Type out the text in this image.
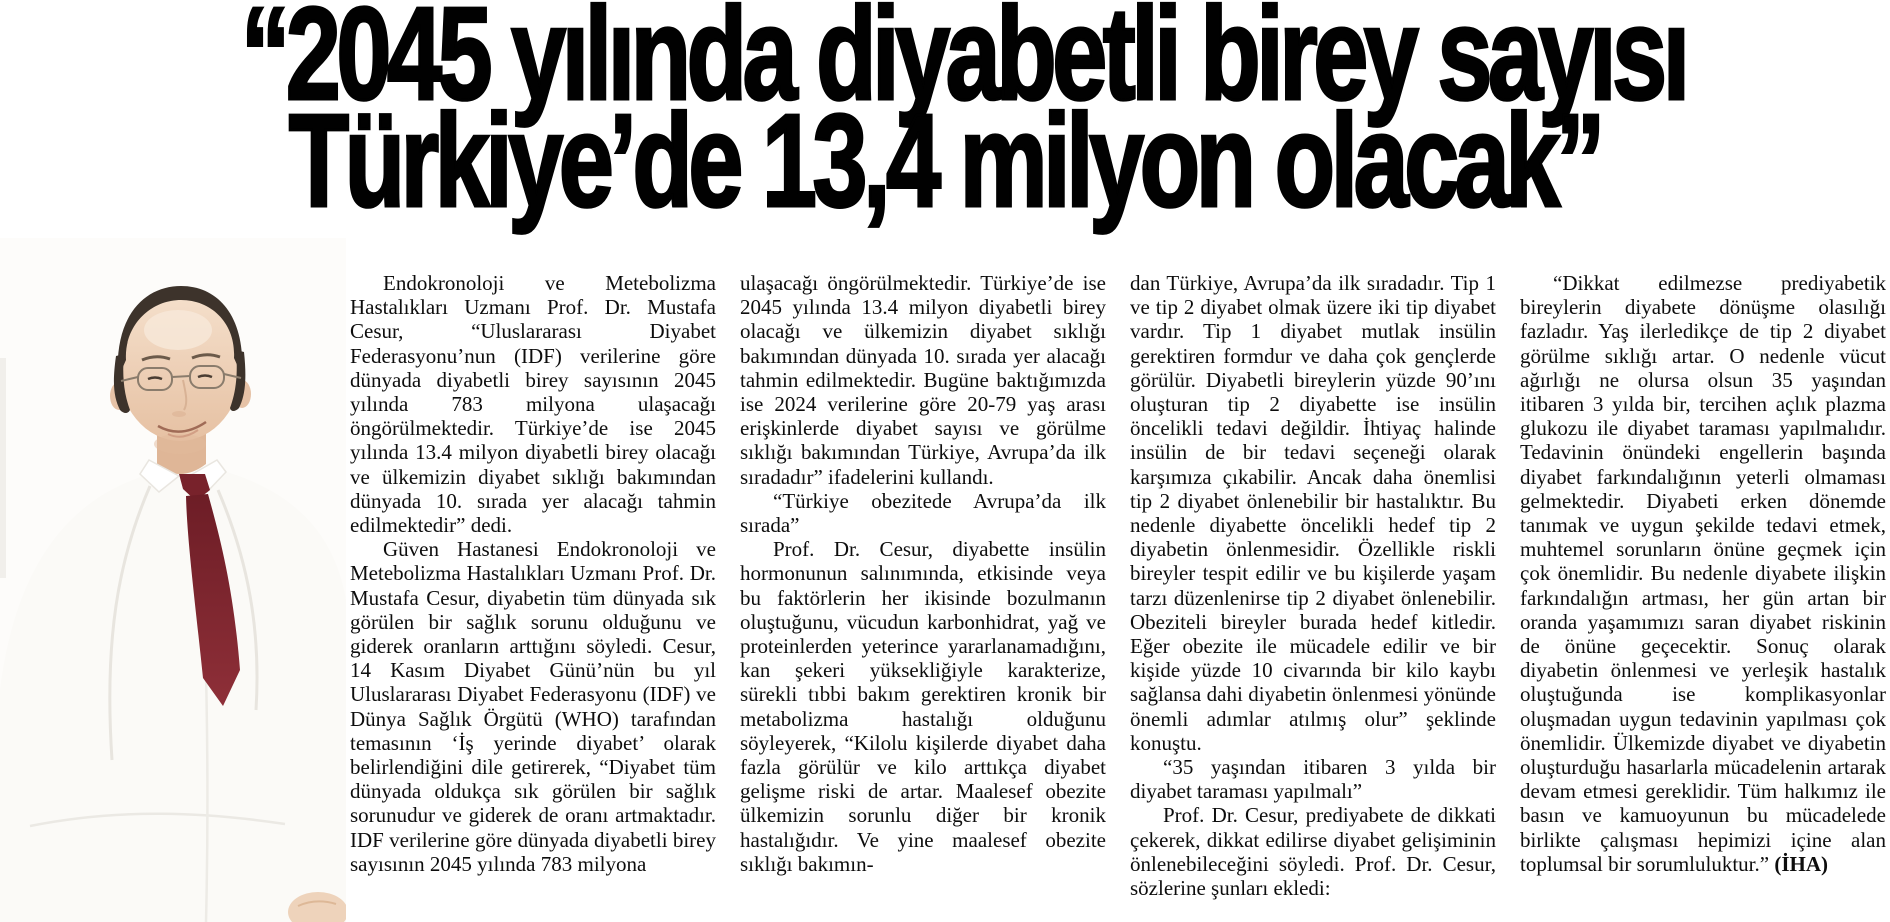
“2045 yılında diyabetli birey sayısı
Türkiye’de 13,4 milyon olacak”

Endokronoloji ve Metebolizma Hastalıkları Uzmanı Prof. Dr. Mustafa Cesur, “Uluslararası Diyabet Federasyonu’nun (IDF) verilerine göre dünyada diyabetli birey sayısının 2045 yılında 783 milyona ulaşacağı öngörülmektedir. Türkiye’de ise 2045 yılında 13.4 milyon diyabetli birey olacağı ve ülkemizin diyabet sıklığı bakımından dünyada 10. sırada yer alacağı tahmin edilmektedir” dedi.

Güven Hastanesi Endokronoloji ve Metebolizma Hastalıkları Uzmanı Prof. Dr. Mustafa Cesur, diyabetin tüm dünyada sık görülen bir sağlık sorunu olduğunu ve giderek oranların arttığını söyledi. Cesur, 14 Kasım Diyabet Günü’nün bu yıl Uluslararası Diyabet Federasyonu (IDF) ve Dünya Sağlık Örgütü (WHO) tarafından temasının ‘İş yerinde diyabet’ olarak belirlendiğini dile getirerek, “Diyabet tüm dünyada oldukça sık görülen bir sağlık sorunudur ve giderek de oranı artmaktadır. IDF verilerine göre dünyada diyabetli birey sayısının 2045 yılında 783 milyona

ulaşacağı öngörülmektedir. Türkiye’de ise 2045 yılında 13.4 milyon diyabetli birey olacağı ve ülkemizin diyabet sıklığı bakımından dünyada 10. sırada yer alacağı tahmin edilmektedir. Bugüne baktığımızda ise 2024 verilerine göre 20-79 yaş arası erişkinlerde diyabet sayısı ve görülme sıklığı bakımından Türkiye, Avrupa’da ilk sıradadır” ifadelerini kullandı.

“Türkiye obezitede Avrupa’da ilk sırada”

Prof. Dr. Cesur, diyabette insülin hormonunun salınımında, etkisinde veya bu faktörlerin her ikisinde bozulmanın oluştuğunu, vücudun karbonhidrat, yağ ve proteinlerden yeterince yararlanamadığını, kan şekeri yüksekliğiyle karakterize, sürekli tıbbi bakım gerektiren kronik bir metabolizma hastalığı olduğunu söyleyerek, “Kilolu kişilerde diyabet daha fazla görülür ve kilo arttıkça diyabet gelişme riski de artar. Maalesef obezite ülkemizin sorunlu diğer bir kronik hastalığıdır. Ve yine maalesef obezite sıklığı bakımın-

dan Türkiye, Avrupa’da ilk sıradadır. Tip 1 ve tip 2 diyabet olmak üzere iki tip diyabet vardır. Tip 1 diyabet mutlak insülin gerektiren formdur ve daha çok gençlerde görülür. Diyabetli bireylerin yüzde 90’ını oluşturan tip 2 diyabette ise insülin öncelikli tedavi değildir. İhtiyaç halinde insülin de bir tedavi seçeneği olarak karşımıza çıkabilir. Ancak daha önemlisi tip 2 diyabet önlenebilir bir hastalıktır. Bu nedenle diyabette öncelikli hedef tip 2 diyabetin önlenmesidir. Özellikle riskli bireyler tespit edilir ve bu kişilerde yaşam tarzı düzenlenirse tip 2 diyabet önlenebilir. Obeziteli bireyler burada hedef kitledir. Eğer obezite ile mücadele edilir ve bir kişide yüzde 10 civarında bir kilo kaybı sağlansa dahi diyabetin önlenmesi yönünde önemli adımlar atılmış olur” şeklinde konuştu.

“35 yaşından itibaren 3 yılda bir diyabet taraması yapılmalı”

Prof. Dr. Cesur, prediyabete de dikkati çekerek, dikkat edilirse diyabet gelişiminin önlenebileceğini söyledi. Prof. Dr. Cesur, sözlerine şunları ekledi:

“Dikkat edilmezse prediyabetik bireylerin diyabete dönüşme olasılığı fazladır. Yaş ilerledikçe de tip 2 diyabet görülme sıklığı artar. O nedenle vücut ağırlığı ne olursa olsun 35 yaşından itibaren 3 yılda bir, tercihen açlık plazma glukozu ile diyabet taraması yapılmalıdır. Tedavinin önündeki engellerin başında diyabet farkındalığının yeterli olmaması gelmektedir. Diyabeti erken dönemde tanımak ve uygun şekilde tedavi etmek, muhtemel sorunların önüne geçmek için çok önemlidir. Bu nedenle diyabete ilişkin farkındalığın artması, her gün artan bir oranda yaşamımızı saran diyabet riskinin de önüne geçecektir. Sonuç olarak diyabetin önlenmesi ve yerleşik hastalık oluştuğunda ise komplikasyonlar oluşmadan uygun tedavinin yapılması çok önemlidir. Ülkemizde diyabet ve diyabetin oluşturduğu hasarlarla mücadelenin artarak devam etmesi gereklidir. Tüm halkımız ile basın ve kamuoyunun bu mücadelede birlikte çalışması hepimizi içine alan toplumsal bir sorumluluktur.” (İHA)
